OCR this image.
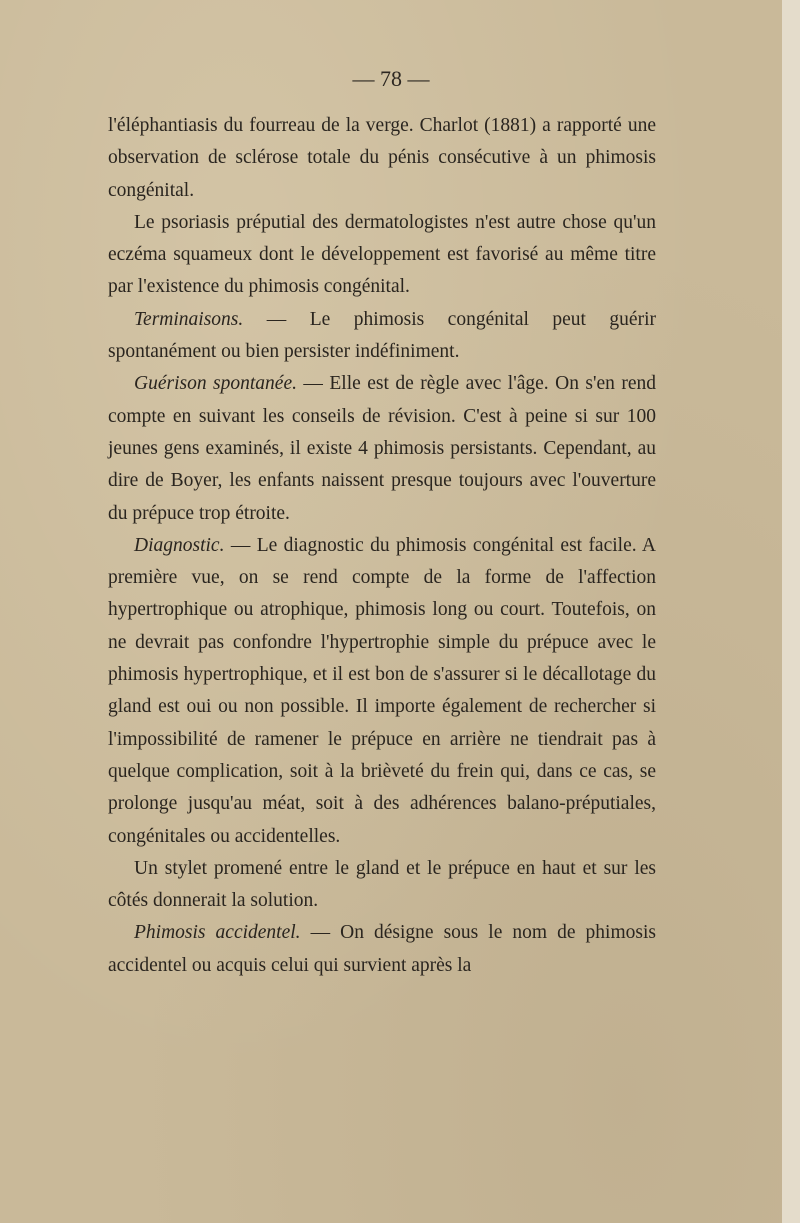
— 78 —

l'éléphantiasis du fourreau de la verge. Charlot (1881) a rapporté une observation de sclérose totale du pénis consécutive à un phimosis congénital.

Le psoriasis préputial des dermatologistes n'est autre chose qu'un eczéma squameux dont le développement est favorisé au même titre par l'existence du phimosis congénital.

Terminaisons. — Le phimosis congénital peut guérir spontanément ou bien persister indéfiniment.

Guérison spontanée. — Elle est de règle avec l'âge. On s'en rend compte en suivant les conseils de révision. C'est à peine si sur 100 jeunes gens examinés, il existe 4 phimosis persistants. Cependant, au dire de Boyer, les enfants naissent presque toujours avec l'ouverture du prépuce trop étroite.

Diagnostic. — Le diagnostic du phimosis congénital est facile. A première vue, on se rend compte de la forme de l'affection hypertrophique ou atrophique, phimosis long ou court. Toutefois, on ne devrait pas confondre l'hypertrophie simple du prépuce avec le phimosis hypertrophique, et il est bon de s'assurer si le décallotage du gland est oui ou non possible. Il importe également de rechercher si l'impossibilité de ramener le prépuce en arrière ne tiendrait pas à quelque complication, soit à la brièveté du frein qui, dans ce cas, se prolonge jusqu'au méat, soit à des adhérences balano-préputiales, congénitales ou accidentelles.

Un stylet promené entre le gland et le prépuce en haut et sur les côtés donnerait la solution.

Phimosis accidentel. — On désigne sous le nom de phimosis accidentel ou acquis celui qui survient après la
